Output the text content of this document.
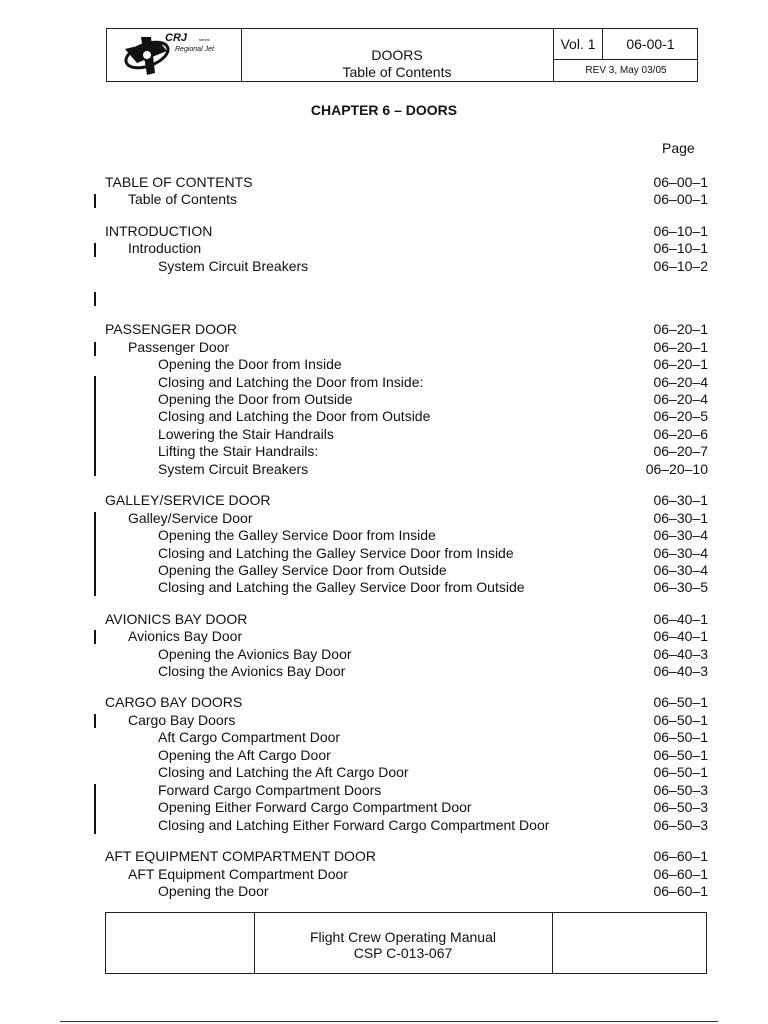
CRJ	series
Regional Jet	DOORS
Table of Contents
Vol. 1	06-00-1
REV 3, May 03/05
CHAPTER 6 – DOORS
Page
TABLE OF CONTENTS	06–00–1
Table of Contents	06–00–1
INTRODUCTION	06–10–1
Introduction	06–10–1
System Circuit Breakers	06–10–2
PASSENGER DOOR	06–20–1
Passenger Door	06–20–1
Opening the Door from Inside	06–20–1
Closing and Latching the Door from Inside:	06–20–4
Opening the Door from Outside	06–20–4
Closing and Latching the Door from Outside	06–20–5
Lowering the Stair Handrails	06–20–6
Lifting the Stair Handrails:	06–20–7
System Circuit Breakers	06–20–10
GALLEY/SERVICE DOOR	06–30–1
Galley/Service Door	06–30–1
Opening the Galley Service Door from Inside	06–30–4
Closing and Latching the Galley Service Door from Inside	06–30–4
Opening the Galley Service Door from Outside	06–30–4
Closing and Latching the Galley Service Door from Outside	06–30–5
AVIONICS BAY DOOR	06–40–1
Avionics Bay Door	06–40–1
Opening the Avionics Bay Door	06–40–3
Closing the Avionics Bay Door	06–40–3
CARGO BAY DOORS	06–50–1
Cargo Bay Doors	06–50–1
Aft Cargo Compartment Door	06–50–1
Opening the Aft Cargo Door	06–50–1
Closing and Latching the Aft Cargo Door	06–50–1
Forward Cargo Compartment Doors	06–50–3
Opening Either Forward Cargo Compartment Door	06–50–3
Closing and Latching Either Forward Cargo Compartment Door	06–50–3
AFT EQUIPMENT COMPARTMENT DOOR	06–60–1
AFT Equipment Compartment Door	06–60–1
Opening the Door	06–60–1
Flight Crew Operating Manual
CSP C-013-067
